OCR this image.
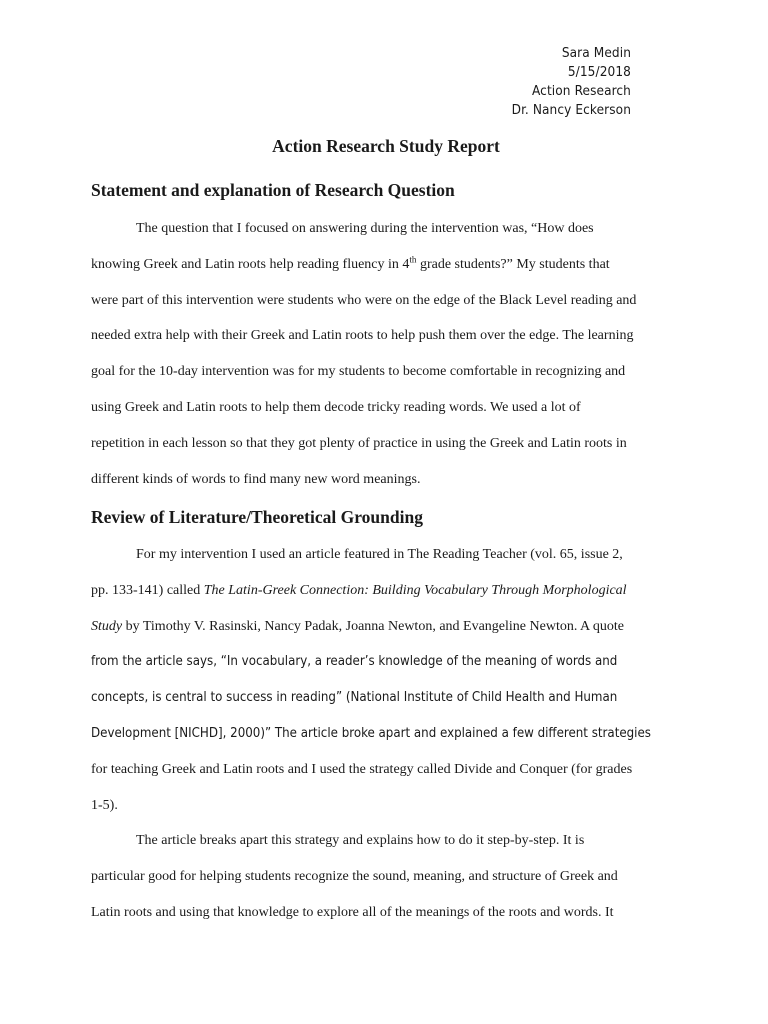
Sara Medin
5/15/2018
Action Research
Dr. Nancy Eckerson
Action Research Study Report
Statement and explanation of Research Question
The question that I focused on answering during the intervention was, “How does
knowing Greek and Latin roots help reading fluency in 4th grade students?” My students that
were part of this intervention were students who were on the edge of the Black Level reading and
needed extra help with their Greek and Latin roots to help push them over the edge. The learning
goal for the 10-day intervention was for my students to become comfortable in recognizing and
using Greek and Latin roots to help them decode tricky reading words. We used a lot of
repetition in each lesson so that they got plenty of practice in using the Greek and Latin roots in
different kinds of words to find many new word meanings.
Review of Literature/Theoretical Grounding
For my intervention I used an article featured in The Reading Teacher (vol. 65, issue 2,
pp. 133-141) called The Latin-Greek Connection: Building Vocabulary Through Morphological
Study by Timothy V. Rasinski, Nancy Padak, Joanna Newton, and Evangeline Newton. A quote
from the article says, “In vocabulary, a reader’s knowledge of the meaning of words and
concepts, is central to success in reading” (National Institute of Child Health and Human
Development [NICHD], 2000)” The article broke apart and explained a few different strategies
for teaching Greek and Latin roots and I used the strategy called Divide and Conquer (for grades
1-5).
The article breaks apart this strategy and explains how to do it step-by-step. It is
particular good for helping students recognize the sound, meaning, and structure of Greek and
Latin roots and using that knowledge to explore all of the meanings of the roots and words. It
